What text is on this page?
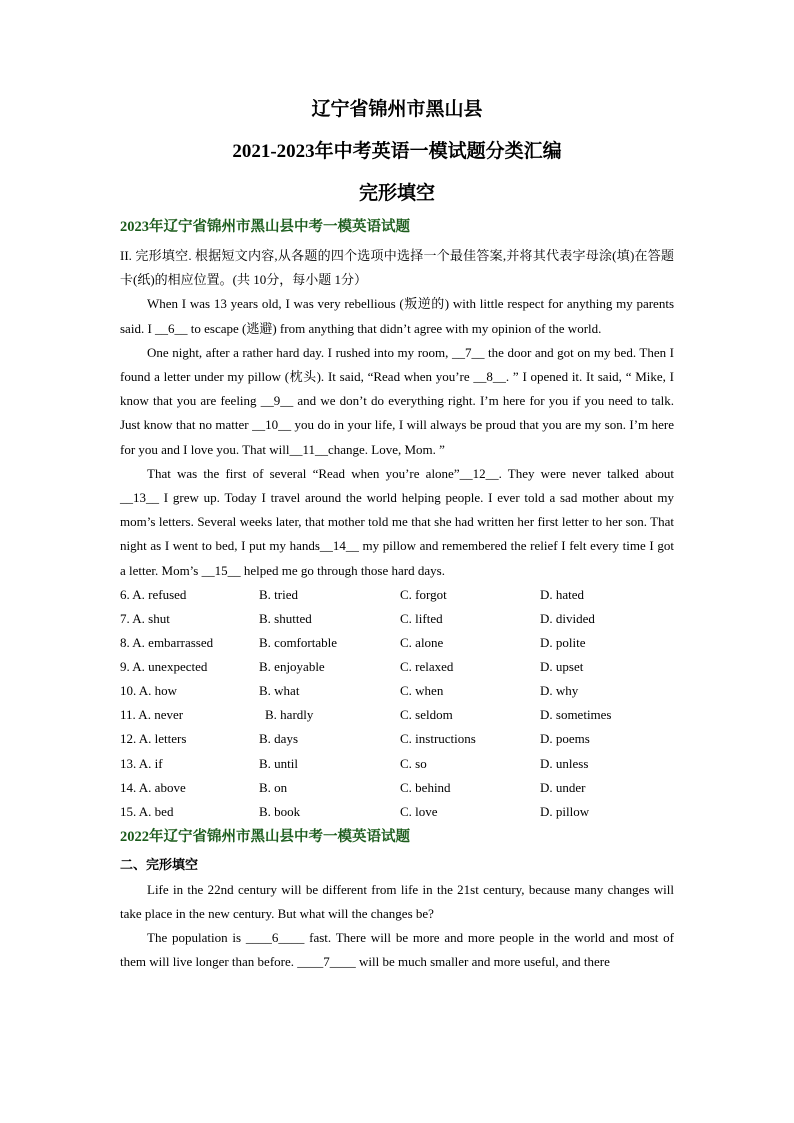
辽宁省锦州市黑山县
2021-2023年中考英语一模试题分类汇编
完形填空
2023年辽宁省锦州市黑山县中考一模英语试题

II. 完形填空. 根据短文内容,从各题的四个选项中选择一个最佳答案,并将其代表字母涂(填)在答题卡(纸)的相应位置。(共 10分，每小题 1分）

When I was 13 years old, I was very rebellious (叛逆的) with little respect for anything my parents said. I __6__ to escape (逃避) from anything that didn’t agree with my opinion of the world.

One night, after a rather hard day. I rushed into my room, __7__ the door and got on my bed. Then I found a letter under my pillow (枕头). It said, “Read when you’re __8__. ” I opened it. It said, “ Mike, I know that you are feeling __9__ and we don’t do everything right. I’m here for you if you need to talk. Just know that no matter __10__ you do in your life, I will always be proud that you are my son. I’m here for you and I love you. That will__11__change. Love, Mom. ”

That was the first of several “Read when you’re alone”__12__. They were never talked about __13__ I grew up. Today I travel around the world helping people. I ever told a sad mother about my mom’s letters. Several weeks later, that mother told me that she had written her first letter to her son. That night as I went to bed, I put my hands__14__ my pillow and remembered the relief I felt every time I got a letter. Mom’s __15__ helped me go through those hard days.

6. A. refused	B. tried	C. forgot	D. hated
7. A. shut	B. shutted	C. lifted	D. divided
8. A. embarrassed	B. comfortable	C. alone	D. polite
9. A. unexpected	B. enjoyable	C. relaxed	D. upset
10. A. how	B. what	C. when	D. why
11. A. never	B. hardly	C. seldom	D. sometimes
12. A. letters	B. days	C. instructions	D. poems
13. A. if	B. until	C. so	D. unless
14. A. above	B. on	C. behind	D. under
15. A. bed	B. book	C. love	D. pillow
2022年辽宁省锦州市黑山县中考一模英语试题
二、完形填空

Life in the 22nd century will be different from life in the 21st century, because many changes will take place in the new century. But what will the changes be?

The population is ____6____ fast. There will be more and more people in the world and most of them will live longer than before. ____7____ will be much smaller and more useful, and there
